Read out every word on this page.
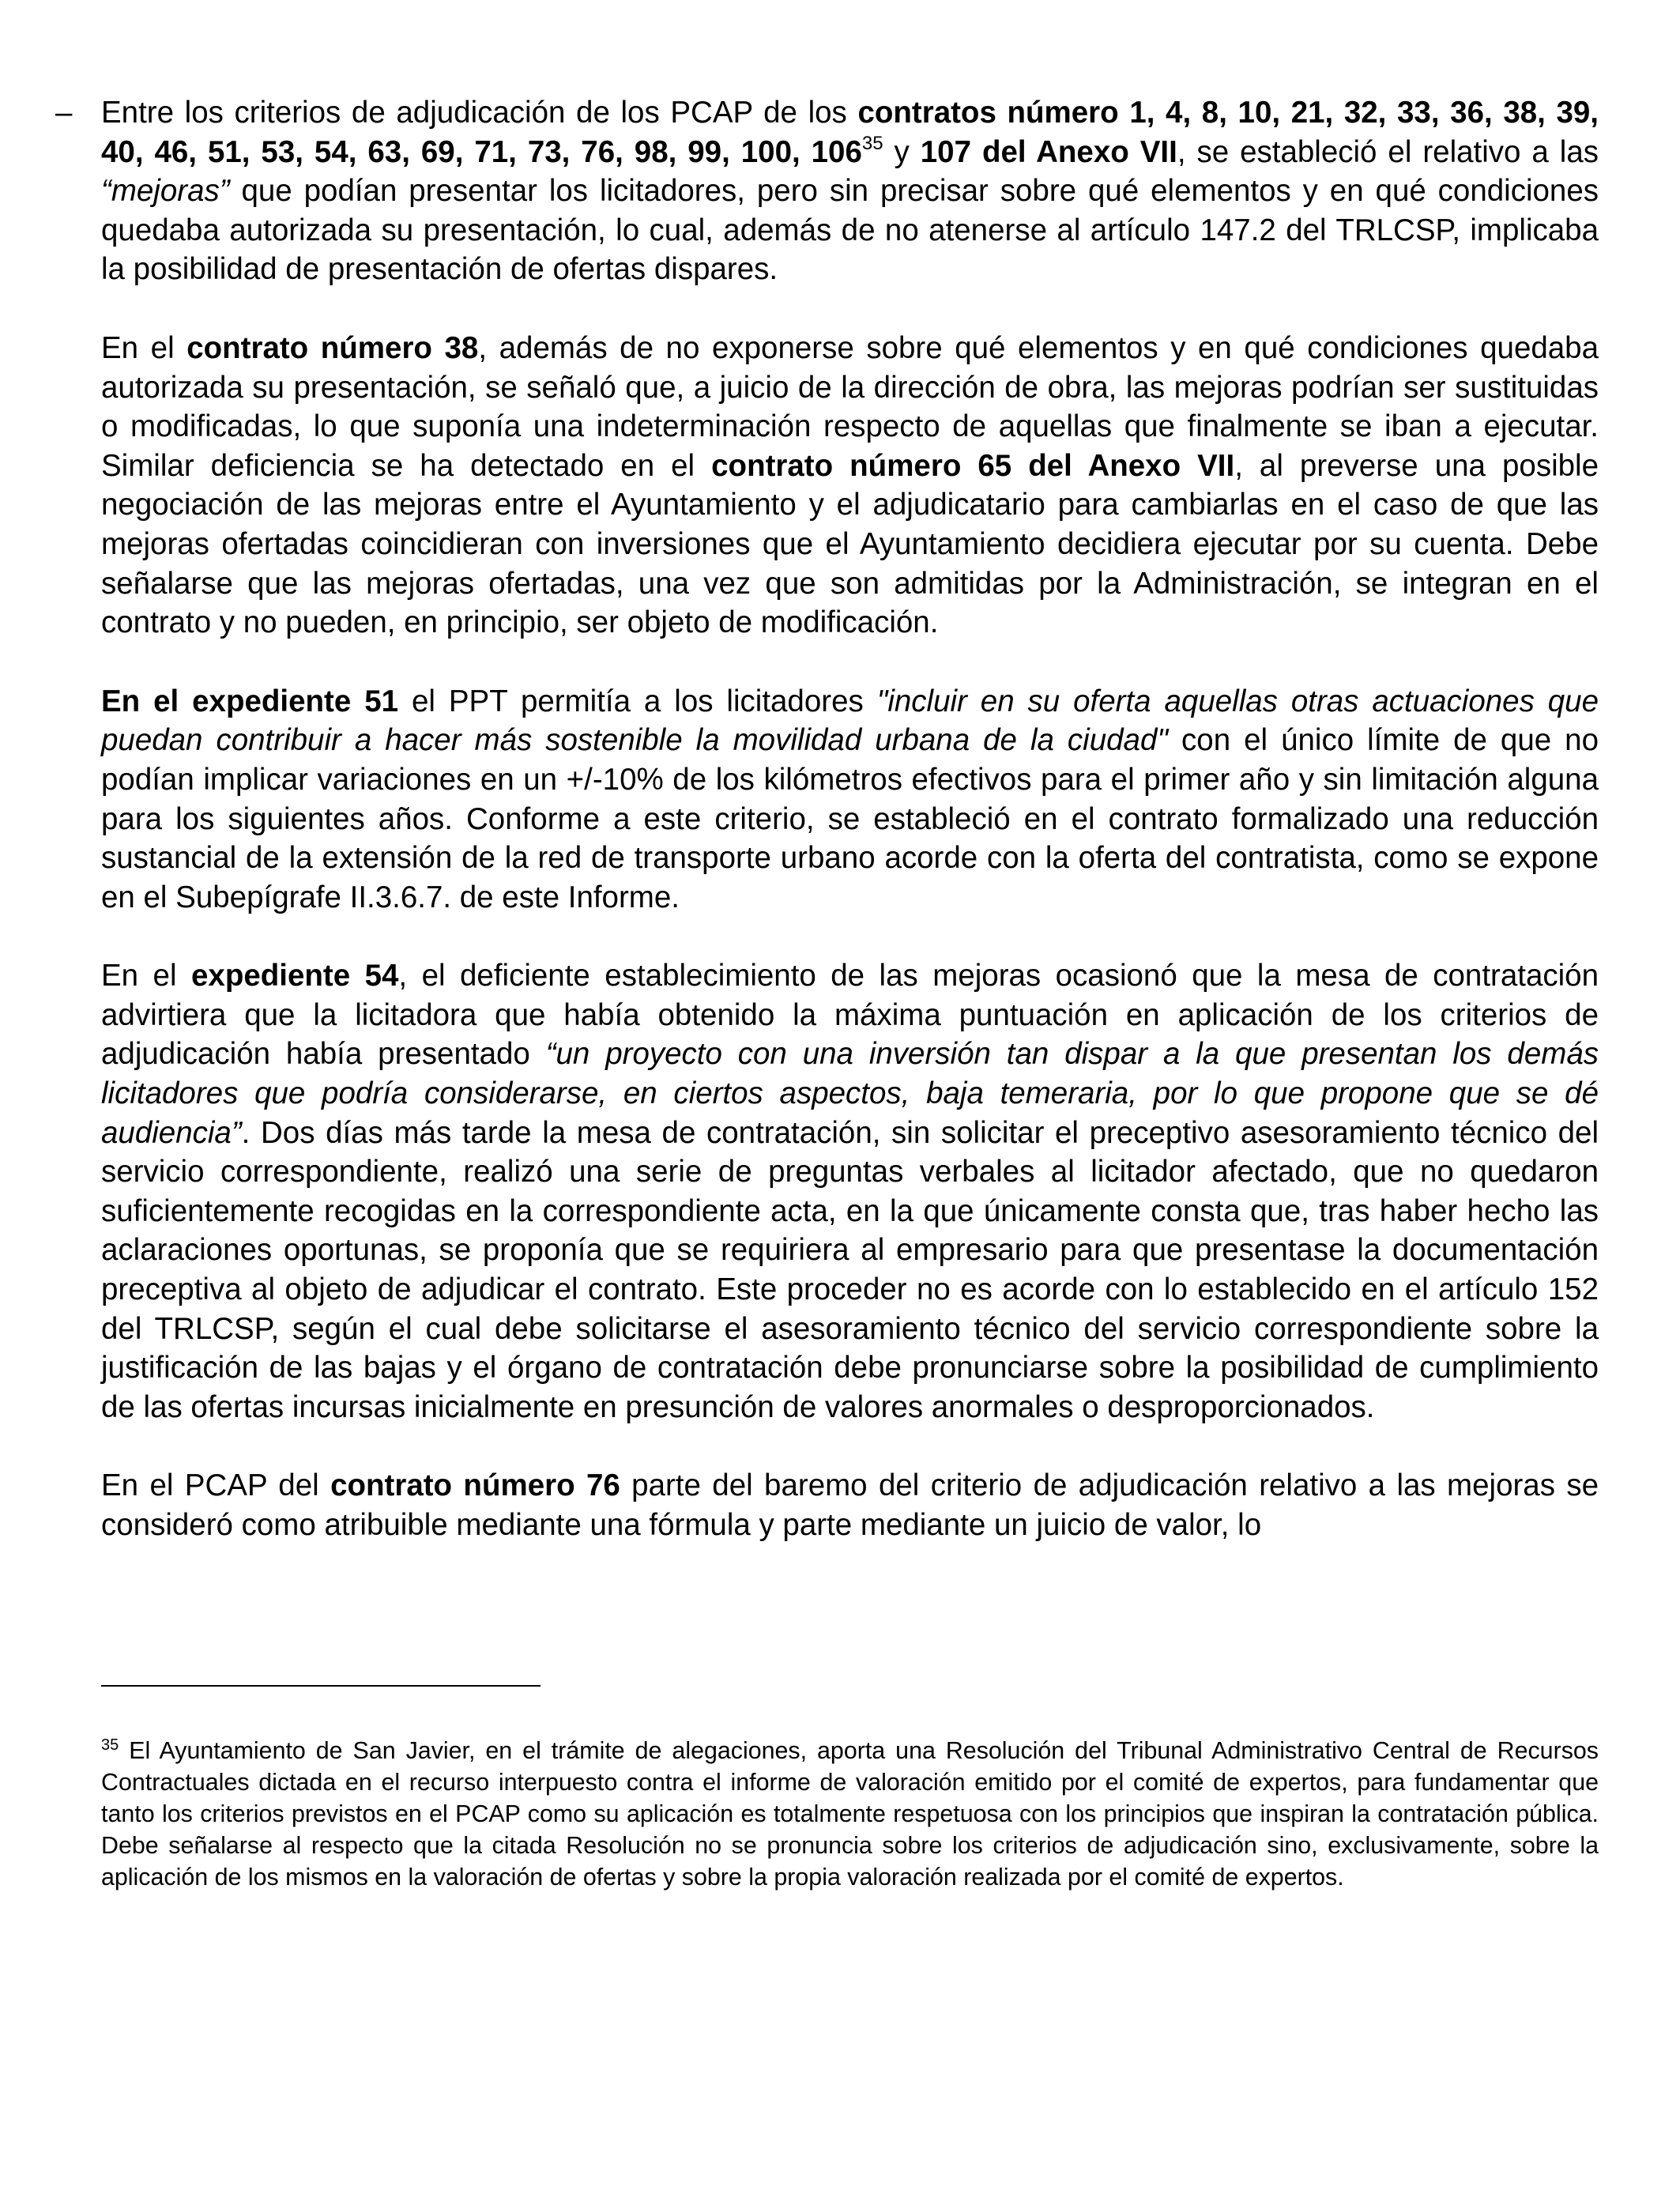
– Entre los criterios de adjudicación de los PCAP de los contratos número 1, 4, 8, 10, 21, 32, 33, 36, 38, 39, 40, 46, 51, 53, 54, 63, 69, 71, 73, 76, 98, 99, 100, 106$^{35}$ y 107 del Anexo VII, se estableció el relativo a las “mejoras” que podían presentar los licitadores, pero sin precisar sobre qué elementos y en qué condiciones quedaba autorizada su presentación, lo cual, además de no atenerse al artículo 147.2 del TRLCSP, implicaba la posibilidad de presentación de ofertas dispares.

En el contrato número 38, además de no exponerse sobre qué elementos y en qué condiciones quedaba autorizada su presentación, se señaló que, a juicio de la dirección de obra, las mejoras podrían ser sustituidas o modificadas, lo que suponía una indeterminación respecto de aquellas que finalmente se iban a ejecutar. Similar deficiencia se ha detectado en el contrato número 65 del Anexo VII, al preverse una posible negociación de las mejoras entre el Ayuntamiento y el adjudicatario para cambiarlas en el caso de que las mejoras ofertadas coincidieran con inversiones que el Ayuntamiento decidiera ejecutar por su cuenta. Debe señalarse que las mejoras ofertadas, una vez que son admitidas por la Administración, se integran en el contrato y no pueden, en principio, ser objeto de modificación.

En el expediente 51 el PPT permitía a los licitadores "incluir en su oferta aquellas otras actuaciones que puedan contribuir a hacer más sostenible la movilidad urbana de la ciudad" con el único límite de que no podían implicar variaciones en un +/-10% de los kilómetros efectivos para el primer año y sin limitación alguna para los siguientes años. Conforme a este criterio, se estableció en el contrato formalizado una reducción sustancial de la extensión de la red de transporte urbano acorde con la oferta del contratista, como se expone en el Subepígrafe II.3.6.7. de este Informe.

En el expediente 54, el deficiente establecimiento de las mejoras ocasionó que la mesa de contratación advirtiera que la licitadora que había obtenido la máxima puntuación en aplicación de los criterios de adjudicación había presentado “un proyecto con una inversión tan dispar a la que presentan los demás licitadores que podría considerarse, en ciertos aspectos, baja temeraria, por lo que propone que se dé audiencia”. Dos días más tarde la mesa de contratación, sin solicitar el preceptivo asesoramiento técnico del servicio correspondiente, realizó una serie de preguntas verbales al licitador afectado, que no quedaron suficientemente recogidas en la correspondiente acta, en la que únicamente consta que, tras haber hecho las aclaraciones oportunas, se proponía que se requiriera al empresario para que presentase la documentación preceptiva al objeto de adjudicar el contrato. Este proceder no es acorde con lo establecido en el artículo 152 del TRLCSP, según el cual debe solicitarse el asesoramiento técnico del servicio correspondiente sobre la justificación de las bajas y el órgano de contratación debe pronunciarse sobre la posibilidad de cumplimiento de las ofertas incursas inicialmente en presunción de valores anormales o desproporcionados.

En el PCAP del contrato número 76 parte del baremo del criterio de adjudicación relativo a las mejoras se consideró como atribuible mediante una fórmula y parte mediante un juicio de valor, lo

$^{35}$ El Ayuntamiento de San Javier, en el trámite de alegaciones, aporta una Resolución del Tribunal Administrativo Central de Recursos Contractuales dictada en el recurso interpuesto contra el informe de valoración emitido por el comité de expertos, para fundamentar que tanto los criterios previstos en el PCAP como su aplicación es totalmente respetuosa con los principios que inspiran la contratación pública. Debe señalarse al respecto que la citada Resolución no se pronuncia sobre los criterios de adjudicación sino, exclusivamente, sobre la aplicación de los mismos en la valoración de ofertas y sobre la propia valoración realizada por el comité de expertos.
